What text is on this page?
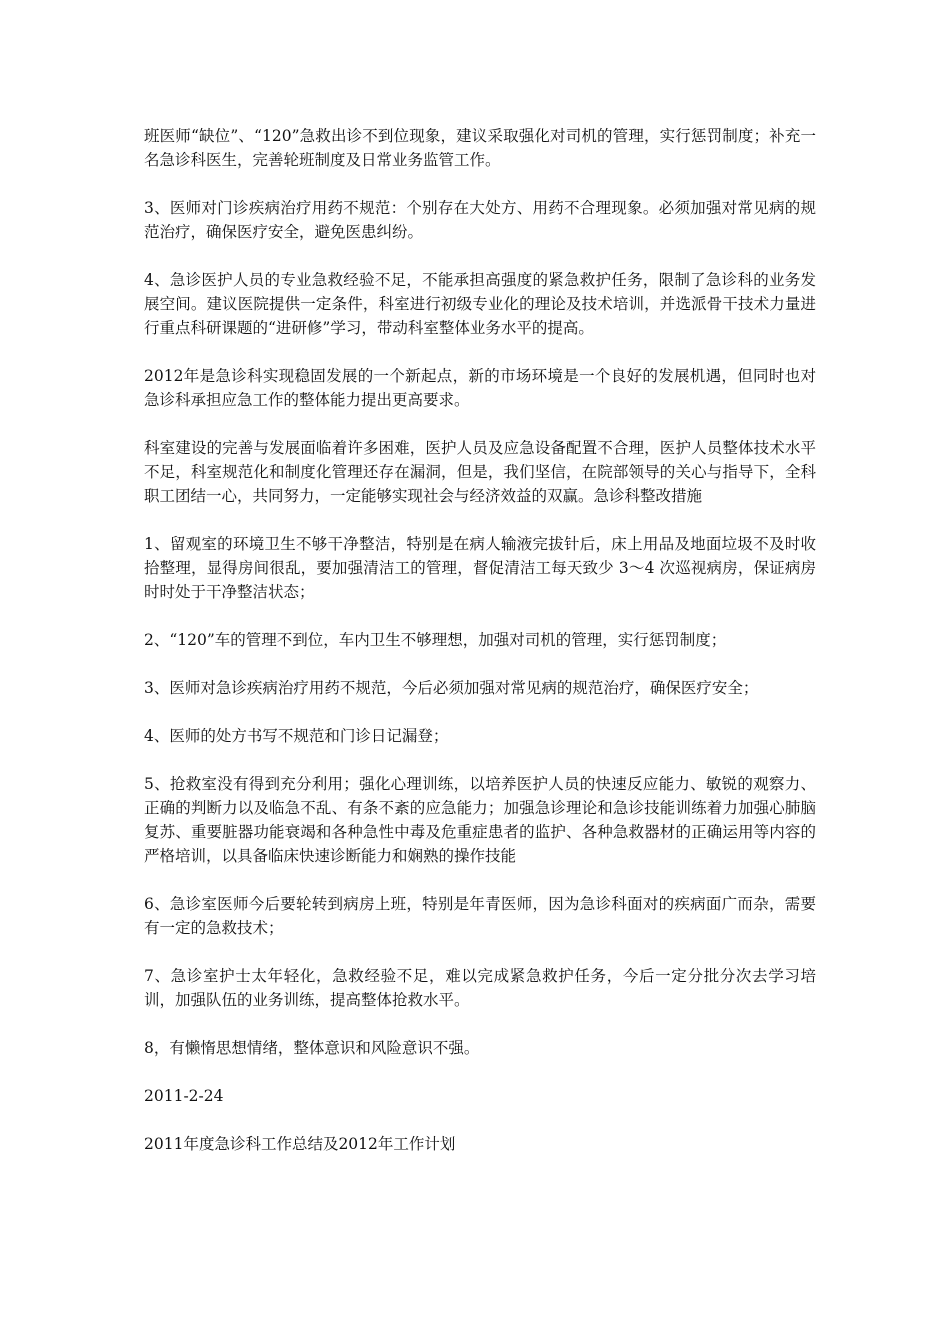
班医师“缺位”、“120”急救出诊不到位现象，建议采取强化对司机的管理，实行惩罚制度；补充一名急诊科医生，完善轮班制度及日常业务监管工作。

3、医师对门诊疾病治疗用药不规范：个别存在大处方、用药不合理现象。必须加强对常见病的规范治疗，确保医疗安全，避免医患纠纷。

4、急诊医护人员的专业急救经验不足，不能承担高强度的紧急救护任务，限制了急诊科的业务发展空间。建议医院提供一定条件，科室进行初级专业化的理论及技术培训，并选派骨干技术力量进行重点科研课题的“进研修”学习，带动科室整体业务水平的提高。

2012年是急诊科实现稳固发展的一个新起点，新的市场环境是一个良好的发展机遇，但同时也对急诊科承担应急工作的整体能力提出更高要求。

科室建设的完善与发展面临着许多困难，医护人员及应急设备配置不合理，医护人员整体技术水平不足，科室规范化和制度化管理还存在漏洞，但是，我们坚信，在院部领导的关心与指导下，全科职工团结一心，共同努力，一定能够实现社会与经济效益的双赢。急诊科整改措施

1、留观室的环境卫生不够干净整洁，特别是在病人输液完拔针后，床上用品及地面垃圾不及时收拾整理，显得房间很乱，要加强清洁工的管理，督促清洁工每天致少 3～4 次巡视病房，保证病房时时处于干净整洁状态；

2、“120”车的管理不到位，车内卫生不够理想，加强对司机的管理，实行惩罚制度；

3、医师对急诊疾病治疗用药不规范，今后必须加强对常见病的规范治疗，确保医疗安全；

4、医师的处方书写不规范和门诊日记漏登；

5、抢救室没有得到充分利用；强化心理训练，以培养医护人员的快速反应能力、敏锐的观察力、正确的判断力以及临急不乱、有条不紊的应急能力；加强急诊理论和急诊技能训练着力加强心肺脑复苏、重要脏器功能衰竭和各种急性中毒及危重症患者的监护、各种急救器材的正确运用等内容的严格培训，以具备临床快速诊断能力和娴熟的操作技能

6、急诊室医师今后要轮转到病房上班，特别是年青医师，因为急诊科面对的疾病面广而杂，需要有一定的急救技术；

7、急诊室护士太年轻化，急救经验不足，难以完成紧急救护任务，今后一定分批分次去学习培训，加强队伍的业务训练，提高整体抢救水平。

8，有懒惰思想情绪，整体意识和风险意识不强。

2011-2-24

2011年度急诊科工作总结及2012年工作计划
